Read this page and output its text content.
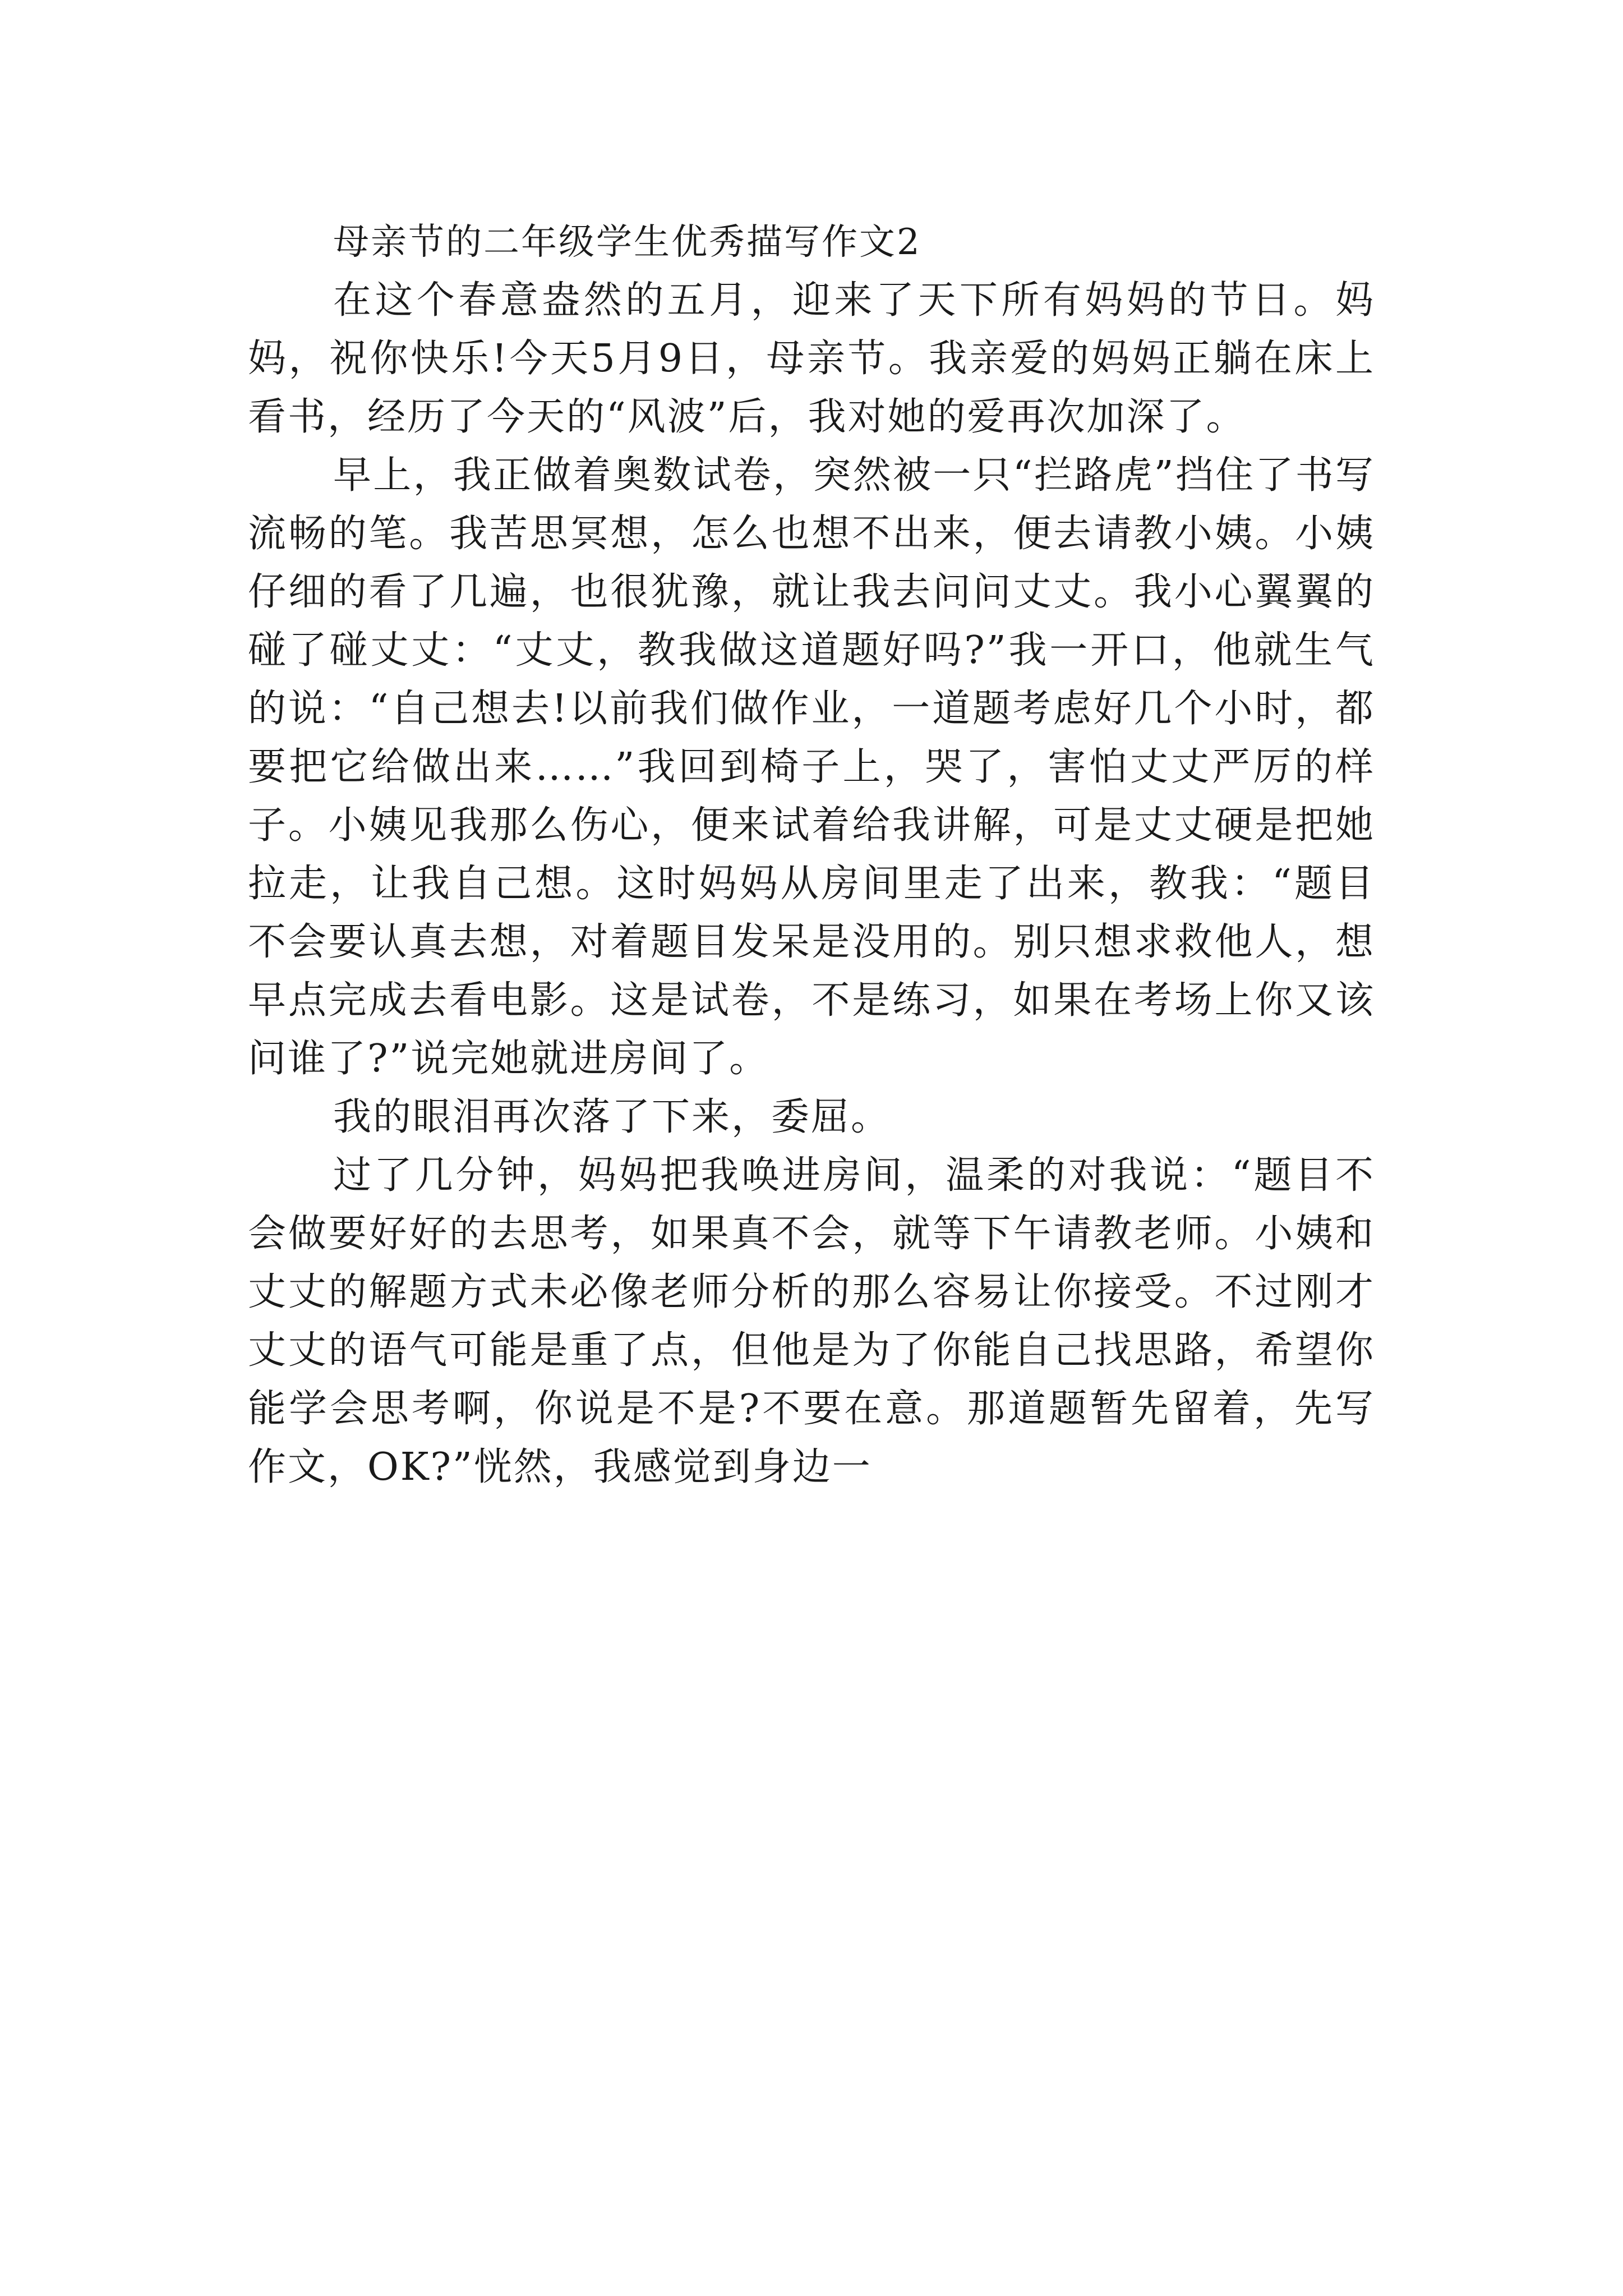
母亲节的二年级学生优秀描写作文2

在这个春意盎然的五月，迎来了天下所有妈妈的节日。妈妈，祝你快乐!今天5月9日，母亲节。我亲爱的妈妈正躺在床上看书，经历了今天的“风波”后，我对她的爱再次加深了。

早上，我正做着奥数试卷，突然被一只“拦路虎”挡住了书写流畅的笔。我苦思冥想，怎么也想不出来，便去请教小姨。小姨仔细的看了几遍，也很犹豫，就让我去问问丈丈。我小心翼翼的碰了碰丈丈：“丈丈，教我做这道题好吗?”我一开口，他就生气的说：“自己想去!以前我们做作业，一道题考虑好几个小时，都要把它给做出来……”我回到椅子上，哭了，害怕丈丈严厉的样子。小姨见我那么伤心，便来试着给我讲解，可是丈丈硬是把她拉走，让我自己想。这时妈妈从房间里走了出来，教我：“题目不会要认真去想，对着题目发呆是没用的。别只想求救他人，想早点完成去看电影。这是试卷，不是练习，如果在考场上你又该问谁了?”说完她就进房间了。

我的眼泪再次落了下来，委屈。

过了几分钟，妈妈把我唤进房间，温柔的对我说：“题目不会做要好好的去思考，如果真不会，就等下午请教老师。小姨和丈丈的解题方式未必像老师分析的那么容易让你接受。不过刚才丈丈的语气可能是重了点，但他是为了你能自己找思路，希望你能学会思考啊，你说是不是?不要在意。那道题暂先留着，先写作文，OK?”恍然，我感觉到身边一
